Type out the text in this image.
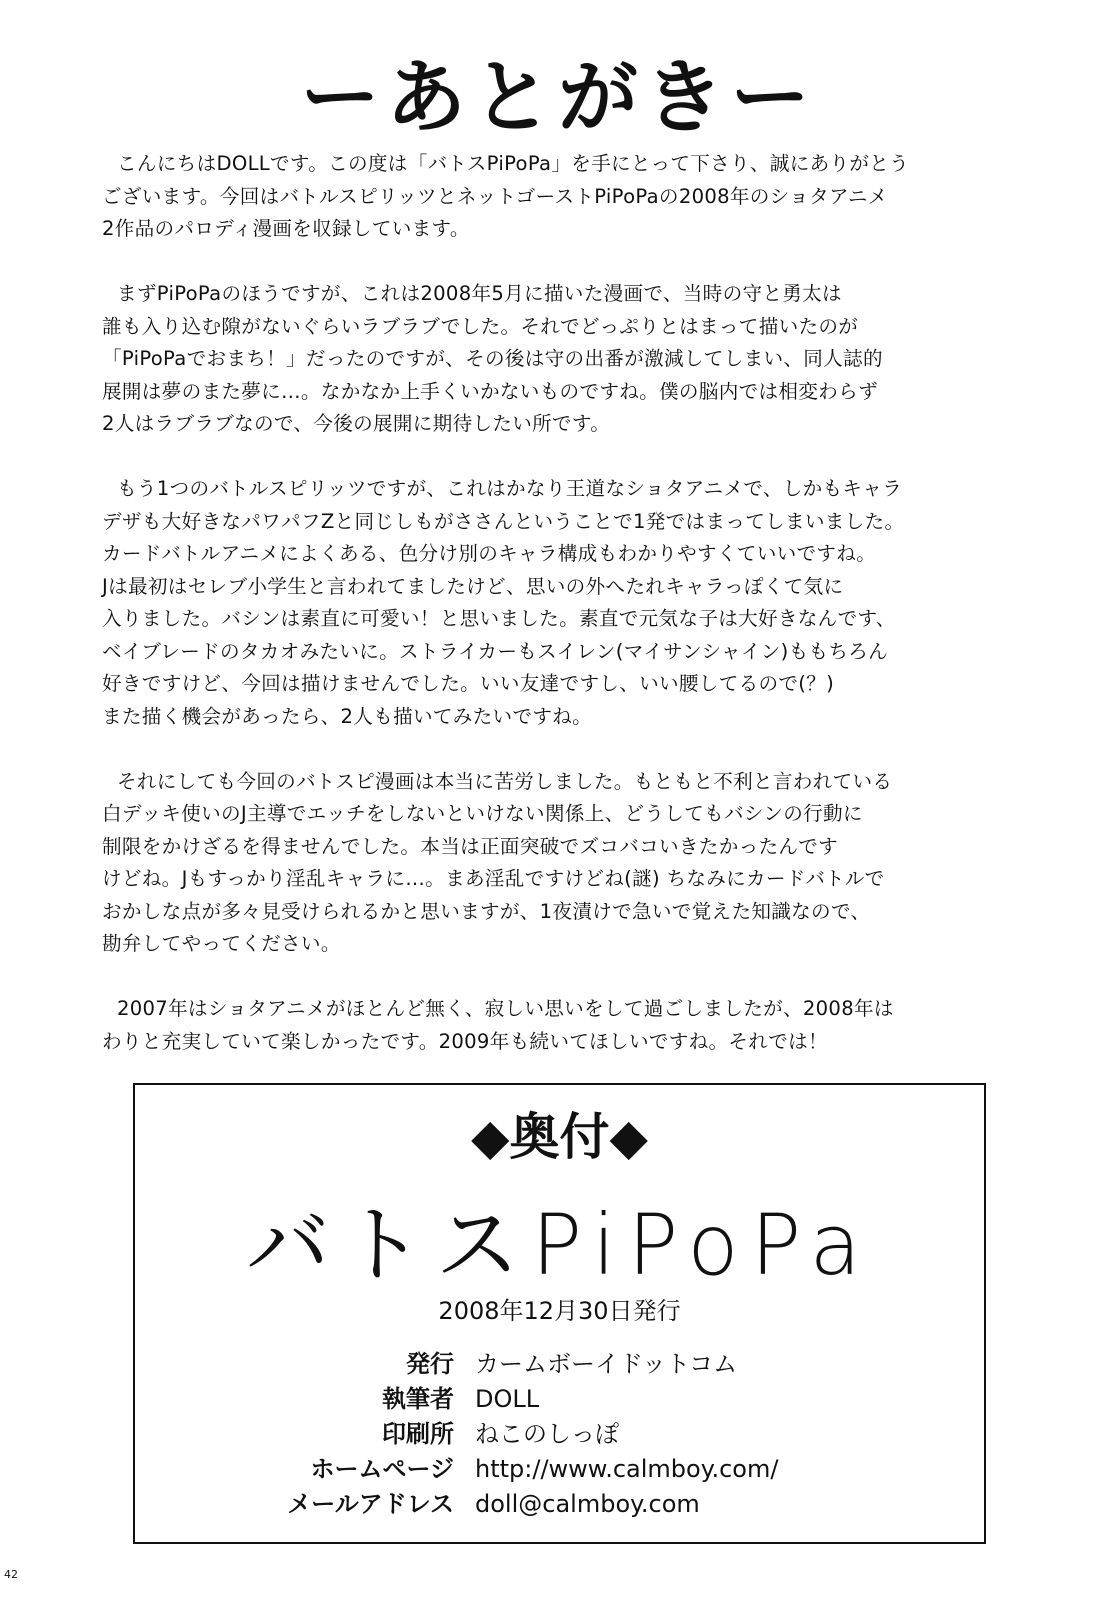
ーあとがきー

こんにちはDOLLです。この度は「バトスPiPoPa」を手にとって下さり、誠にありがとう
ございます。今回はバトルスピリッツとネットゴーストPiPoPaの2008年のショタアニメ
2作品のパロディ漫画を収録しています。

まずPiPoPaのほうですが、これは2008年5月に描いた漫画で、当時の守と勇太は
誰も入り込む隙がないぐらいラブラブでした。それでどっぷりとはまって描いたのが
「PiPoPaでおまち！」だったのですが、その後は守の出番が激減してしまい、同人誌的
展開は夢のまた夢に…。なかなか上手くいかないものですね。僕の脳内では相変わらず
2人はラブラブなので、今後の展開に期待したい所です。

もう1つのバトルスピリッツですが、これはかなり王道なショタアニメで、しかもキャラ
デザも大好きなパワパフZと同じしもがささんということで1発ではまってしまいました。
カードバトルアニメによくある、色分け別のキャラ構成もわかりやすくていいですね。
Jは最初はセレブ小学生と言われてましたけど、思いの外へたれキャラっぽくて気に
入りました。バシンは素直に可愛い！と思いました。素直で元気な子は大好きなんです、
ベイブレードのタカオみたいに。ストライカーもスイレン(マイサンシャイン)ももちろん
好きですけど、今回は描けませんでした。いい友達ですし、いい腰してるので(？)
また描く機会があったら、2人も描いてみたいですね。

それにしても今回のバトスピ漫画は本当に苦労しました。もともと不利と言われている
白デッキ使いのJ主導でエッチをしないといけない関係上、どうしてもバシンの行動に
制限をかけざるを得ませんでした。本当は正面突破でズコバコいきたかったんです
けどね。Jもすっかり淫乱キャラに…。まあ淫乱ですけどね(謎) ちなみにカードバトルで
おかしな点が多々見受けられるかと思いますが、1夜漬けで急いで覚えた知識なので、
勘弁してやってください。

2007年はショタアニメがほとんど無く、寂しい思いをして過ごしましたが、2008年は
わりと充実していて楽しかったです。2009年も続いてほしいですね。それでは！

◆奥付◆
バトスPiPoPa
2008年12月30日発行
発行 カームボーイドットコム
執筆者 DOLL
印刷所 ねこのしっぽ
ホームページ http://www.calmboy.com/
メールアドレス doll@calmboy.com
42
